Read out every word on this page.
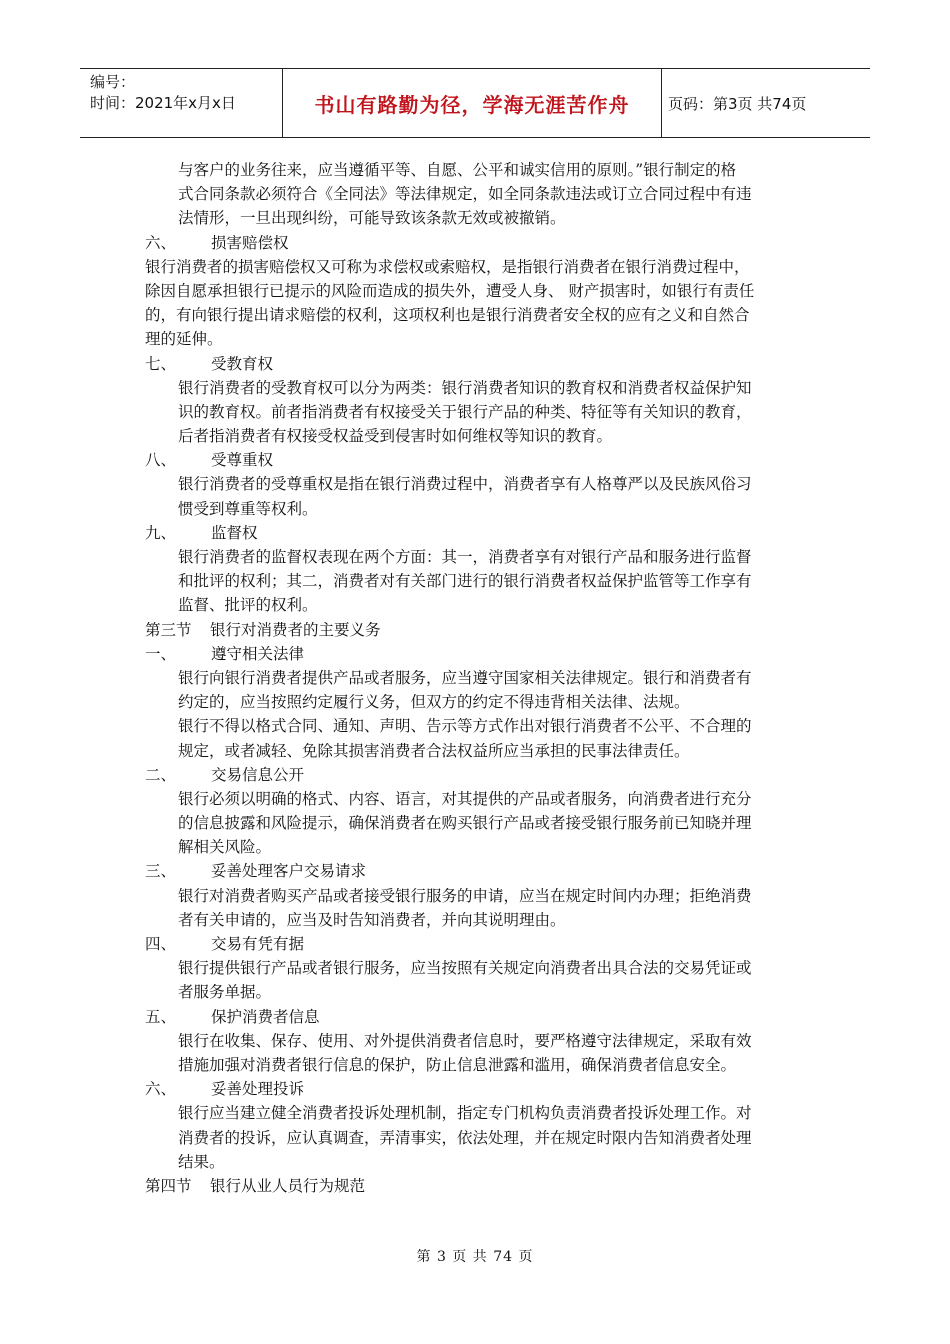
编号：
时间：2021年x月x日	书山有路勤为径，学海无涯苦作舟	页码：第3页 共74页
与客户的业务往来，应当遵循平等、自愿、公平和诚实信用的原则。”银行制定的格
式合同条款必须符合《全同法》等法律规定，如全同条款违法或订立合同过程中有违
法情形，一旦出现纠纷，可能导致该条款无效或被撤销。
六、 损害赔偿权
银行消费者的损害赔偿权又可称为求偿权或索赔权，是指银行消费者在银行消费过程中，
除因自愿承担银行已提示的风险而造成的损失外，遭受人身、 财产损害时，如银行有责任
的，有向银行提出请求赔偿的权利，这项权利也是银行消费者安全权的应有之义和自然合
理的延伸。
七、 受教育权
银行消费者的受教育权可以分为两类：银行消费者知识的教育权和消费者权益保护知
识的教育权。前者指消费者有权接受关于银行产品的种类、特征等有关知识的教育，
后者指消费者有权接受权益受到侵害时如何维权等知识的教育。
八、 受尊重权
银行消费者的受尊重权是指在银行消费过程中，消费者享有人格尊严以及民族风俗习
惯受到尊重等权利。
九、 监督权
银行消费者的监督权表现在两个方面：其一，消费者享有对银行产品和服务进行监督
和批评的权利；其二，消费者对有关部门进行的银行消费者权益保护监管等工作享有
监督、批评的权利。
第三节 银行对消费者的主要义务
一、 遵守相关法律
银行向银行消费者提供产品或者服务，应当遵守国家相关法律规定。银行和消费者有
约定的，应当按照约定履行义务，但双方的约定不得违背相关法律、法规。
银行不得以格式合同、通知、声明、告示等方式作出对银行消费者不公平、不合理的
规定，或者减轻、免除其损害消费者合法权益所应当承担的民事法律责任。
二、 交易信息公开
银行必须以明确的格式、内容、语言，对其提供的产品或者服务，向消费者进行充分
的信息披露和风险提示，确保消费者在购买银行产品或者接受银行服务前已知晓并理
解相关风险。
三、 妥善处理客户交易请求
银行对消费者购买产品或者接受银行服务的申请，应当在规定时间内办理；拒绝消费
者有关申请的，应当及时告知消费者，并向其说明理由。
四、 交易有凭有据
银行提供银行产品或者银行服务，应当按照有关规定向消费者出具合法的交易凭证或
者服务单据。
五、 保护消费者信息
银行在收集、保存、使用、对外提供消费者信息时，要严格遵守法律规定，采取有效
措施加强对消费者银行信息的保护，防止信息泄露和滥用，确保消费者信息安全。
六、 妥善处理投诉
银行应当建立健全消费者投诉处理机制，指定专门机构负责消费者投诉处理工作。对
消费者的投诉，应认真调查，弄清事实，依法处理，并在规定时限内告知消费者处理
结果。
第四节 银行从业人员行为规范
第 3 页 共 74 页
